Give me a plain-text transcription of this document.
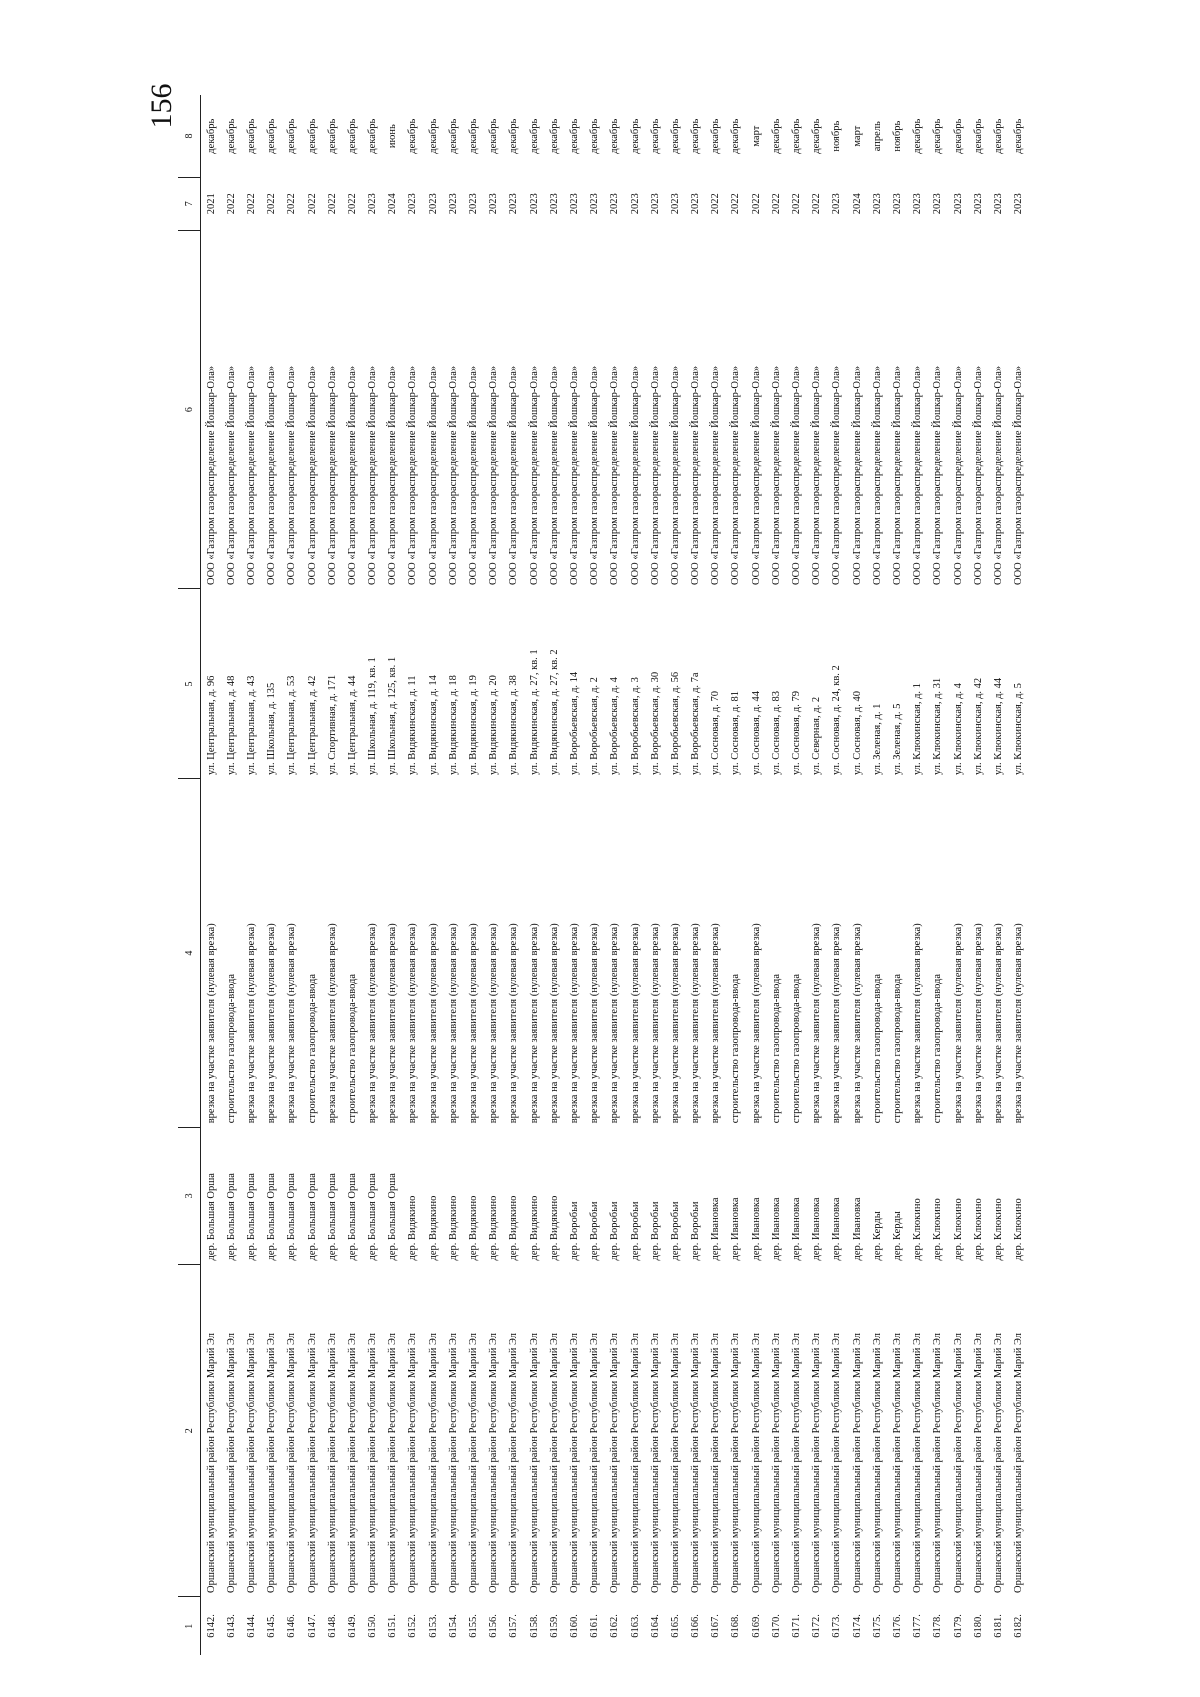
156
1	2	3	4	5	6	7	8
6142.	Оршанский муниципальный район Республики Марий Эл	дер. Большая Орша	врезка на участке заявителя (нулевая врезка)	ул. Центральная, д. 96	ООО «Газпром газораспределение Йошкар-Ола»	2021	декабрь
6143.	Оршанский муниципальный район Республики Марий Эл	дер. Большая Орша	строительство газопровода-ввода	ул. Центральная, д. 48	ООО «Газпром газораспределение Йошкар-Ола»	2022	декабрь
6144.	Оршанский муниципальный район Республики Марий Эл	дер. Большая Орша	врезка на участке заявителя (нулевая врезка)	ул. Центральная, д. 43	ООО «Газпром газораспределение Йошкар-Ола»	2022	декабрь
6145.	Оршанский муниципальный район Республики Марий Эл	дер. Большая Орша	врезка на участке заявителя (нулевая врезка)	ул. Школьная, д. 135	ООО «Газпром газораспределение Йошкар-Ола»	2022	декабрь
6146.	Оршанский муниципальный район Республики Марий Эл	дер. Большая Орша	врезка на участке заявителя (нулевая врезка)	ул. Центральная, д. 53	ООО «Газпром газораспределение Йошкар-Ола»	2022	декабрь
6147.	Оршанский муниципальный район Республики Марий Эл	дер. Большая Орша	строительство газопровода-ввода	ул. Центральная, д. 42	ООО «Газпром газораспределение Йошкар-Ола»	2022	декабрь
6148.	Оршанский муниципальный район Республики Марий Эл	дер. Большая Орша	врезка на участке заявителя (нулевая врезка)	ул. Спортивная, д. 171	ООО «Газпром газораспределение Йошкар-Ола»	2022	декабрь
6149.	Оршанский муниципальный район Республики Марий Эл	дер. Большая Орша	строительство газопровода-ввода	ул. Центральная, д. 44	ООО «Газпром газораспределение Йошкар-Ола»	2022	декабрь
6150.	Оршанский муниципальный район Республики Марий Эл	дер. Большая Орша	врезка на участке заявителя (нулевая врезка)	ул. Школьная, д. 119, кв. 1	ООО «Газпром газораспределение Йошкар-Ола»	2023	декабрь
6151.	Оршанский муниципальный район Республики Марий Эл	дер. Большая Орша	врезка на участке заявителя (нулевая врезка)	ул. Школьная, д. 125, кв. 1	ООО «Газпром газораспределение Йошкар-Ола»	2024	июнь
6152.	Оршанский муниципальный район Республики Марий Эл	дер. Видякино	врезка на участке заявителя (нулевая врезка)	ул. Видякинская, д. 11	ООО «Газпром газораспределение Йошкар-Ола»	2023	декабрь
6153.	Оршанский муниципальный район Республики Марий Эл	дер. Видякино	врезка на участке заявителя (нулевая врезка)	ул. Видякинская, д. 14	ООО «Газпром газораспределение Йошкар-Ола»	2023	декабрь
6154.	Оршанский муниципальный район Республики Марий Эл	дер. Видякино	врезка на участке заявителя (нулевая врезка)	ул. Видякинская, д. 18	ООО «Газпром газораспределение Йошкар-Ола»	2023	декабрь
6155.	Оршанский муниципальный район Республики Марий Эл	дер. Видякино	врезка на участке заявителя (нулевая врезка)	ул. Видякинская, д. 19	ООО «Газпром газораспределение Йошкар-Ола»	2023	декабрь
6156.	Оршанский муниципальный район Республики Марий Эл	дер. Видякино	врезка на участке заявителя (нулевая врезка)	ул. Видякинская, д. 20	ООО «Газпром газораспределение Йошкар-Ола»	2023	декабрь
6157.	Оршанский муниципальный район Республики Марий Эл	дер. Видякино	врезка на участке заявителя (нулевая врезка)	ул. Видякинская, д. 38	ООО «Газпром газораспределение Йошкар-Ола»	2023	декабрь
6158.	Оршанский муниципальный район Республики Марий Эл	дер. Видякино	врезка на участке заявителя (нулевая врезка)	ул. Видякинская, д. 27, кв. 1	ООО «Газпром газораспределение Йошкар-Ола»	2023	декабрь
6159.	Оршанский муниципальный район Республики Марий Эл	дер. Видякино	врезка на участке заявителя (нулевая врезка)	ул. Видякинская, д. 27, кв. 2	ООО «Газпром газораспределение Йошкар-Ола»	2023	декабрь
6160.	Оршанский муниципальный район Республики Марий Эл	дер. Воробьи	врезка на участке заявителя (нулевая врезка)	ул. Воробьевская, д. 14	ООО «Газпром газораспределение Йошкар-Ола»	2023	декабрь
6161.	Оршанский муниципальный район Республики Марий Эл	дер. Воробьи	врезка на участке заявителя (нулевая врезка)	ул. Воробьевская, д. 2	ООО «Газпром газораспределение Йошкар-Ола»	2023	декабрь
6162.	Оршанский муниципальный район Республики Марий Эл	дер. Воробьи	врезка на участке заявителя (нулевая врезка)	ул. Воробьевская, д. 4	ООО «Газпром газораспределение Йошкар-Ола»	2023	декабрь
6163.	Оршанский муниципальный район Республики Марий Эл	дер. Воробьи	врезка на участке заявителя (нулевая врезка)	ул. Воробьевская, д. 3	ООО «Газпром газораспределение Йошкар-Ола»	2023	декабрь
6164.	Оршанский муниципальный район Республики Марий Эл	дер. Воробьи	врезка на участке заявителя (нулевая врезка)	ул. Воробьевская, д. 30	ООО «Газпром газораспределение Йошкар-Ола»	2023	декабрь
6165.	Оршанский муниципальный район Республики Марий Эл	дер. Воробьи	врезка на участке заявителя (нулевая врезка)	ул. Воробьевская, д. 56	ООО «Газпром газораспределение Йошкар-Ола»	2023	декабрь
6166.	Оршанский муниципальный район Республики Марий Эл	дер. Воробьи	врезка на участке заявителя (нулевая врезка)	ул. Воробьевская, д. 7а	ООО «Газпром газораспределение Йошкар-Ола»	2023	декабрь
6167.	Оршанский муниципальный район Республики Марий Эл	дер. Ивановка	врезка на участке заявителя (нулевая врезка)	ул. Сосновая, д. 70	ООО «Газпром газораспределение Йошкар-Ола»	2022	декабрь
6168.	Оршанский муниципальный район Республики Марий Эл	дер. Ивановка	строительство газопровода-ввода	ул. Сосновая, д. 81	ООО «Газпром газораспределение Йошкар-Ола»	2022	декабрь
6169.	Оршанский муниципальный район Республики Марий Эл	дер. Ивановка	врезка на участке заявителя (нулевая врезка)	ул. Сосновая, д. 44	ООО «Газпром газораспределение Йошкар-Ола»	2022	март
6170.	Оршанский муниципальный район Республики Марий Эл	дер. Ивановка	строительство газопровода-ввода	ул. Сосновая, д. 83	ООО «Газпром газораспределение Йошкар-Ола»	2022	декабрь
6171.	Оршанский муниципальный район Республики Марий Эл	дер. Ивановка	строительство газопровода-ввода	ул. Сосновая, д. 79	ООО «Газпром газораспределение Йошкар-Ола»	2022	декабрь
6172.	Оршанский муниципальный район Республики Марий Эл	дер. Ивановка	врезка на участке заявителя (нулевая врезка)	ул. Северная, д. 2	ООО «Газпром газораспределение Йошкар-Ола»	2022	декабрь
6173.	Оршанский муниципальный район Республики Марий Эл	дер. Ивановка	врезка на участке заявителя (нулевая врезка)	ул. Сосновая, д. 24, кв. 2	ООО «Газпром газораспределение Йошкар-Ола»	2023	ноябрь
6174.	Оршанский муниципальный район Республики Марий Эл	дер. Ивановка	врезка на участке заявителя (нулевая врезка)	ул. Сосновая, д. 40	ООО «Газпром газораспределение Йошкар-Ола»	2024	март
6175.	Оршанский муниципальный район Республики Марий Эл	дер. Керды	строительство газопровода-ввода	ул. Зеленая, д. 1	ООО «Газпром газораспределение Йошкар-Ола»	2023	апрель
6176.	Оршанский муниципальный район Республики Марий Эл	дер. Керды	строительство газопровода-ввода	ул. Зеленая, д. 5	ООО «Газпром газораспределение Йошкар-Ола»	2023	ноябрь
6177.	Оршанский муниципальный район Республики Марий Эл	дер. Клюкино	врезка на участке заявителя (нулевая врезка)	ул. Клюкинская, д. 1	ООО «Газпром газораспределение Йошкар-Ола»	2023	декабрь
6178.	Оршанский муниципальный район Республики Марий Эл	дер. Клюкино	строительство газопровода-ввода	ул. Клюкинская, д. 31	ООО «Газпром газораспределение Йошкар-Ола»	2023	декабрь
6179.	Оршанский муниципальный район Республики Марий Эл	дер. Клюкино	врезка на участке заявителя (нулевая врезка)	ул. Клюкинская, д. 4	ООО «Газпром газораспределение Йошкар-Ола»	2023	декабрь
6180.	Оршанский муниципальный район Республики Марий Эл	дер. Клюкино	врезка на участке заявителя (нулевая врезка)	ул. Клюкинская, д. 42	ООО «Газпром газораспределение Йошкар-Ола»	2023	декабрь
6181.	Оршанский муниципальный район Республики Марий Эл	дер. Клюкино	врезка на участке заявителя (нулевая врезка)	ул. Клюкинская, д. 44	ООО «Газпром газораспределение Йошкар-Ола»	2023	декабрь
6182.	Оршанский муниципальный район Республики Марий Эл	дер. Клюкино	врезка на участке заявителя (нулевая врезка)	ул. Клюкинская, д. 5	ООО «Газпром газораспределение Йошкар-Ола»	2023	декабрь
